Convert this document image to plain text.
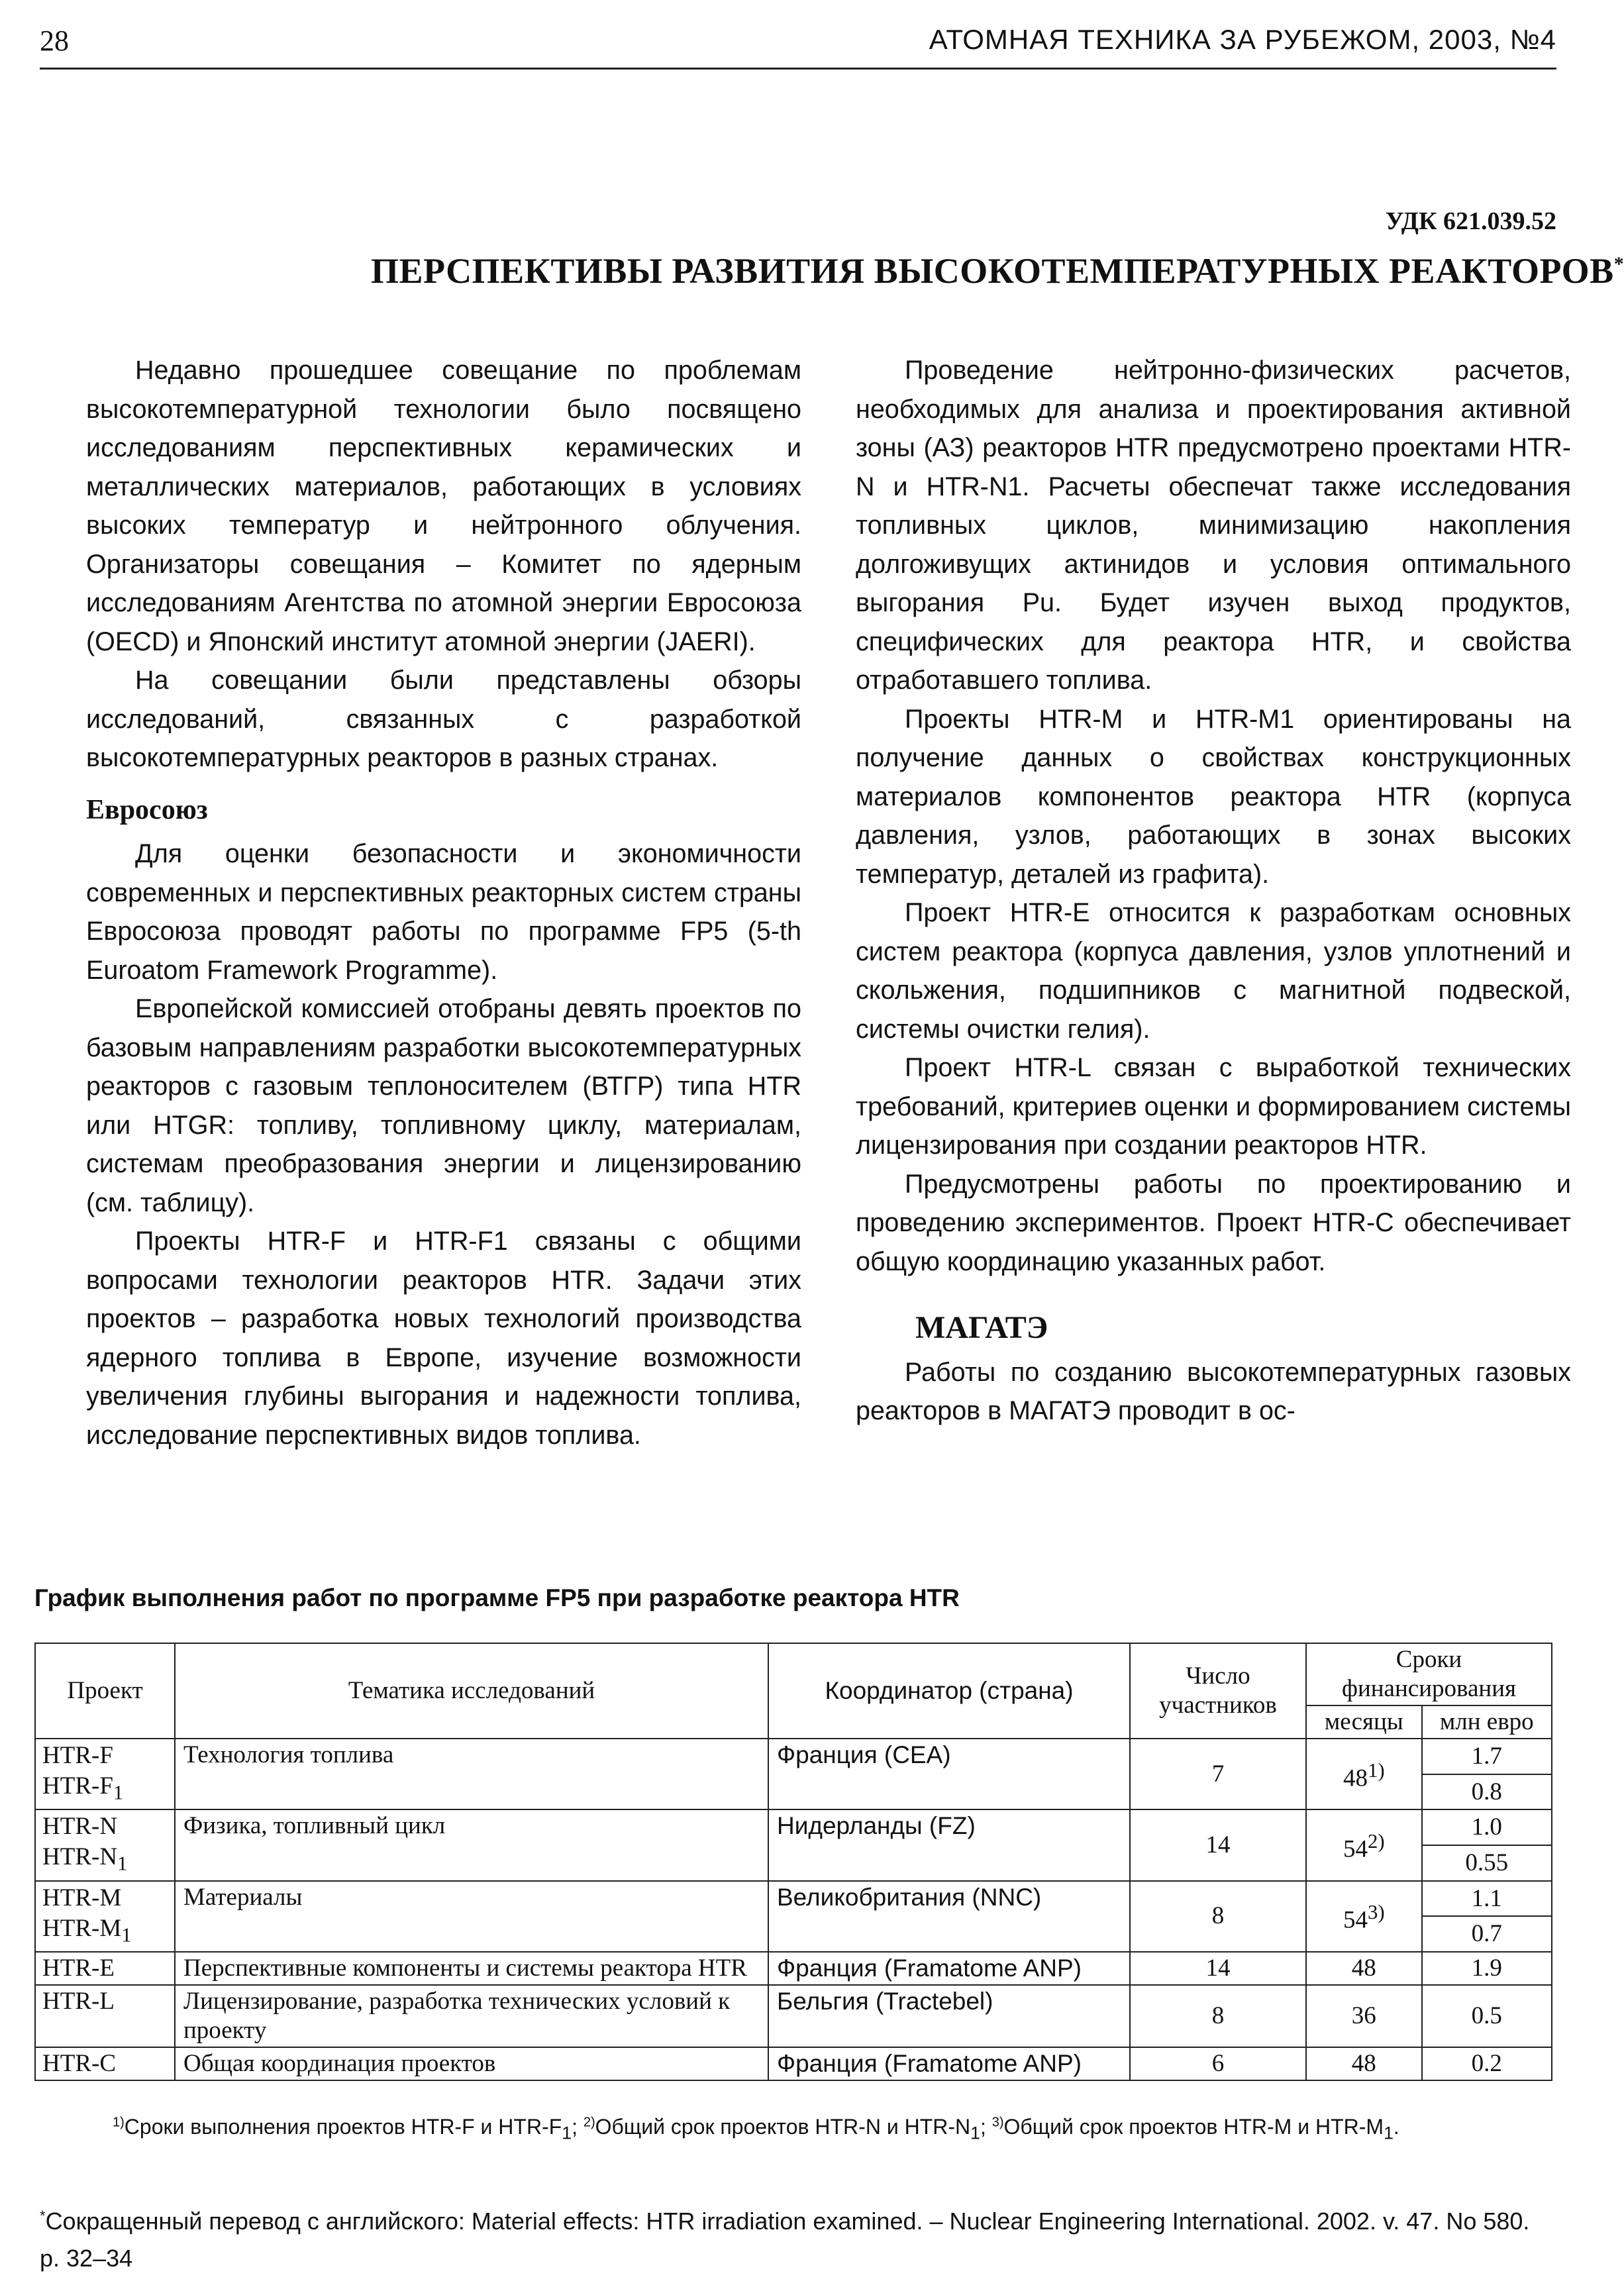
28	АТОМНАЯ ТЕХНИКА ЗА РУБЕЖОМ, 2003, №4
УДК 621.039.52
ПЕРСПЕКТИВЫ РАЗВИТИЯ ВЫСОКОТЕМПЕРАТУРНЫХ РЕАКТОРОВ*

Недавно прошедшее совещание по проблемам высокотемпературной технологии было посвящено исследованиям перспективных керамических и металлических материалов, работающих в условиях высоких температур и нейтронного облучения. Организаторы совещания – Комитет по ядерным исследованиям Агентства по атомной энергии Евросоюза (OECD) и Японский институт атомной энергии (JAERI).

На совещании были представлены обзоры исследований, связанных с разработкой высокотемпературных реакторов в разных странах.

Евросоюз

Для оценки безопасности и экономичности современных и перспективных реакторных систем страны Евросоюза проводят работы по программе FP5 (5-th Euroatom Framework Programme).

Европейской комиссией отобраны девять проектов по базовым направлениям разработки высокотемпературных реакторов с газовым теплоносителем (ВТГР) типа HTR или HTGR: топливу, топливному циклу, материалам, системам преобразования энергии и лицензированию (см. таблицу).

Проекты HTR-F и HTR-F1 связаны с общими вопросами технологии реакторов HTR. Задачи этих проектов – разработка новых технологий производства ядерного топлива в Европе, изучение возможности увеличения глубины выгорания и надежности топлива, исследование перспективных видов топлива.

Проведение нейтронно-физических расчетов, необходимых для анализа и проектирования активной зоны (АЗ) реакторов HTR предусмотрено проектами HTR-N и HTR-N1. Расчеты обеспечат также исследования топливных циклов, минимизацию накопления долгоживущих актинидов и условия оптимального выгорания Pu. Будет изучен выход продуктов, специфических для реактора HTR, и свойства отработавшего топлива.

Проекты HTR-M и HTR-M1 ориентированы на получение данных о свойствах конструкционных материалов компонентов реактора HTR (корпуса давления, узлов, работающих в зонах высоких температур, деталей из графита).

Проект HTR-E относится к разработкам основных систем реактора (корпуса давления, узлов уплотнений и скольжения, подшипников с магнитной подвеской, системы очистки гелия).

Проект HTR-L связан с выработкой технических требований, критериев оценки и формированием системы лицензирования при создании реакторов HTR.

Предусмотрены работы по проектированию и проведению экспериментов. Проект HTR-C обеспечивает общую координацию указанных работ.

МАГАТЭ

Работы по созданию высокотемпературных газовых реакторов в МАГАТЭ проводит в ос-

График выполнения работ по программе FP5 при разработке реактора HTR
Проект	Тематика исследований	Координатор (страна)	Число участников	Сроки финансирования	
				месяцы	млн евро

HTR-F
HTR-$F_1$	Технология топлива	Франция (CEA)	7	48$^{1)}$	1.7
					0.8

HTR-N
HTR-$N_1$	Физика, топливный цикл	Нидерланды (FZ)	14	54$^{2)}$	1.0
					0.55

HTR-M
HTR-$M_1$	Материалы	Великобритания (NNC)	8	54$^{3)}$	1.1
					0.7
HTR-E	Перспективные компоненты и системы реактора HTR	Франция (Framatome ANP)	14	48	1.9
HTR-L	Лицензирование, разработка технических условий к проекту	Бельгия (Tractebel)	8	36	0.5
HTR-C	Общая координация проектов	Франция (Framatome ANP)	6	48	0.2
$^{1)}$Сроки выполнения проектов HTR-F и HTR-$F_1$; $^{2)}$Общий срок проектов HTR-N и HTR-$N_1$; $^{3)}$Общий срок проектов HTR-M и HTR-$M_1$.
*Сокращенный перевод с английского: Material effects: HTR irradiation examined. – Nuclear Engineering International. 2002. v. 47. No 580. p. 32–34
